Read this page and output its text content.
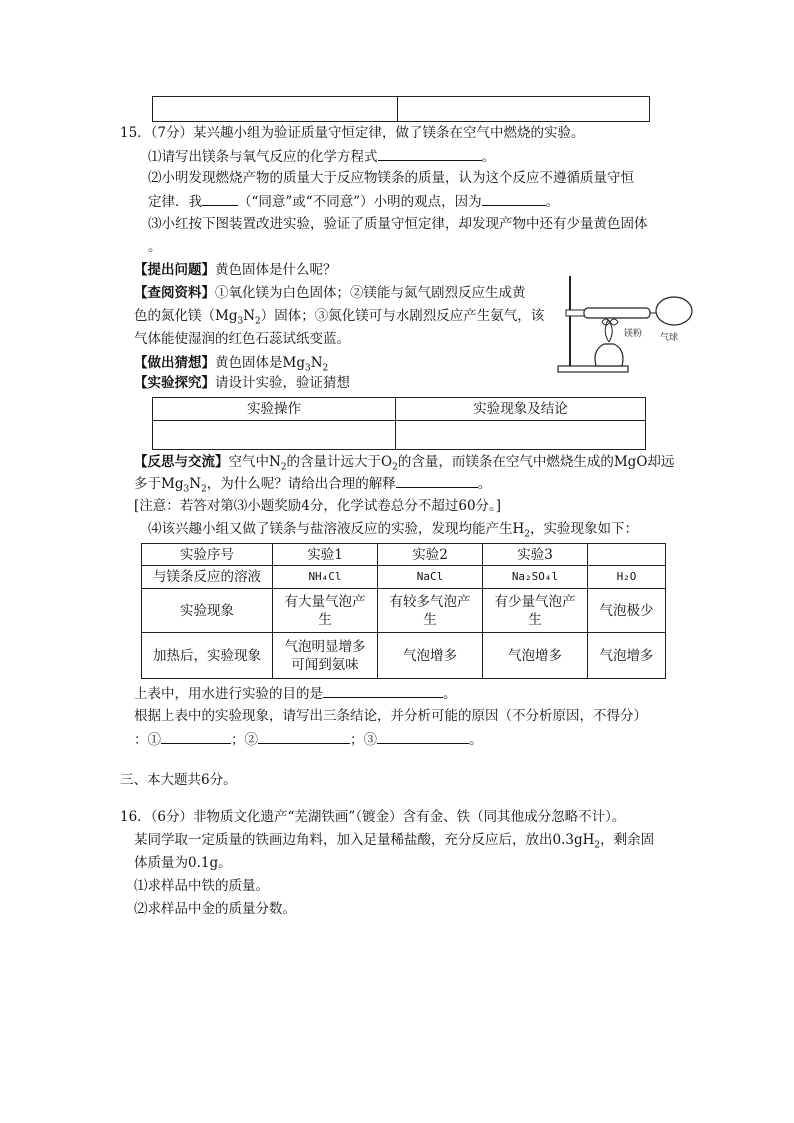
15．（7分）某兴趣小组为验证质量守恒定律，做了镁条在空气中燃烧的实验。
⑴请写出镁条与氧气反应的化学方程式	。
⑵小明发现燃烧产物的质量大于反应物镁条的质量，认为这个反应不遵循质量守恒
定律．我	（“同意”或“不同意”）小明的观点，因为	。
⑶小红按下图装置改进实验，验证了质量守恒定律，却发现产物中还有少量黄色固体
。
【提出问题】黄色固体是什么呢？
【查阅资料】①氧化镁为白色固体；②镁能与氮气剧烈反应生成黄
色的氮化镁$(Mg_3N_2)$固体；③氮化镁可与水剧烈反应产生氨气，该
气体能使湿润的红色石蕊试纸变蓝。	镁粉 气球
【做出猜想】黄色固体是$Mg_3N_2$
【实验探究】请设计实验，验证猜想
实验操作	实验现象及结论

【反思与交流】空气中$N_2$的含量计远大于$O_2$的含量，而镁条在空气中燃烧生成的MgO却远
多于$Mg_3N_2$，为什么呢？请给出合理的解释	。
[注意：若答对第⑶小题奖励4分，化学试卷总分不超过60分。]
⑷该兴趣小组又做了镁条与盐溶液反应的实验，发现均能产生$H_2$，实验现象如下：
实验序号	实验1	实验2	实验3	
与镁条反应的溶液	NH₄Cl	NaCl	Na₂SO₄l	H₂O
实验现象	有大量气泡产生	有较多气泡产生	有少量气泡产生	气泡极少
加热后，实验现象	气泡明显增多可闻到氨味	气泡增多	气泡增多	气泡增多
上表中，用水进行实验的目的是	。
根据上表中的实验现象，请写出三条结论，并分析可能的原因（不分析原因，不得分）
：①	；②	；③	。
三、本大题共6分。
16．（6分）非物质文化遗产“芜湖铁画”（镀金）含有金、铁（同其他成分忽略不计）。
某同学取一定质量的铁画边角料，加入足量稀盐酸，充分反应后，放出$0.3gH_2$，剩余固
体质量为0.1g。
⑴求样品中铁的质量。
⑵求样品中金的质量分数。
